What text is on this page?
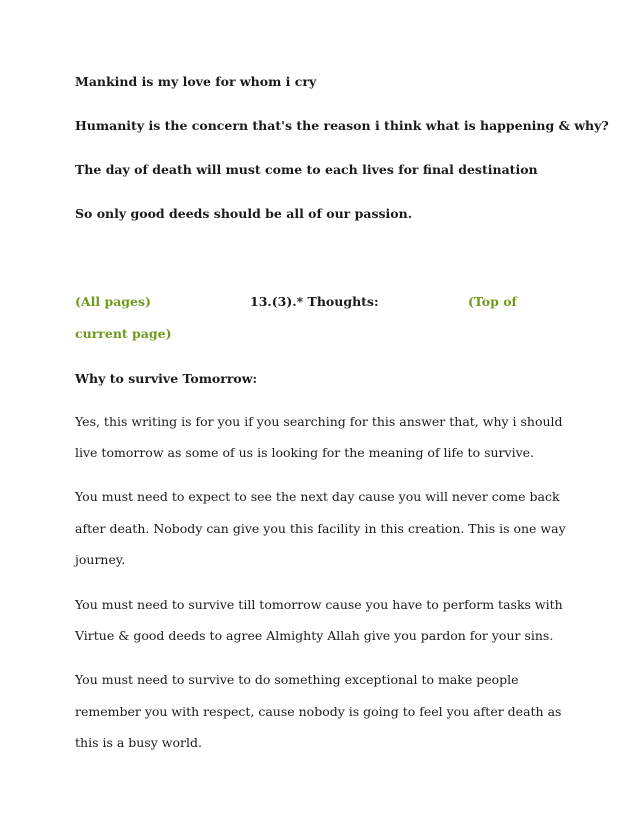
Mankind is my love for whom i cry

Humanity is the concern that's the reason i think what is happening & why?

The day of death will must come to each lives for final destination

So only good deeds should be all of our passion.

(All pages)	13.(3).* Thoughts:	(Top of
current page)

Why to survive Tomorrow:

Yes, this writing is for you if you searching for this answer that, why i should

live tomorrow as some of us is looking for the meaning of life to survive.

You must need to expect to see the next day cause you will never come back

after death. Nobody can give you this facility in this creation. This is one way

journey.

You must need to survive till tomorrow cause you have to perform tasks with

Virtue & good deeds to agree Almighty Allah give you pardon for your sins.

You must need to survive to do something exceptional to make people

remember you with respect, cause nobody is going to feel you after death as

this is a busy world.
